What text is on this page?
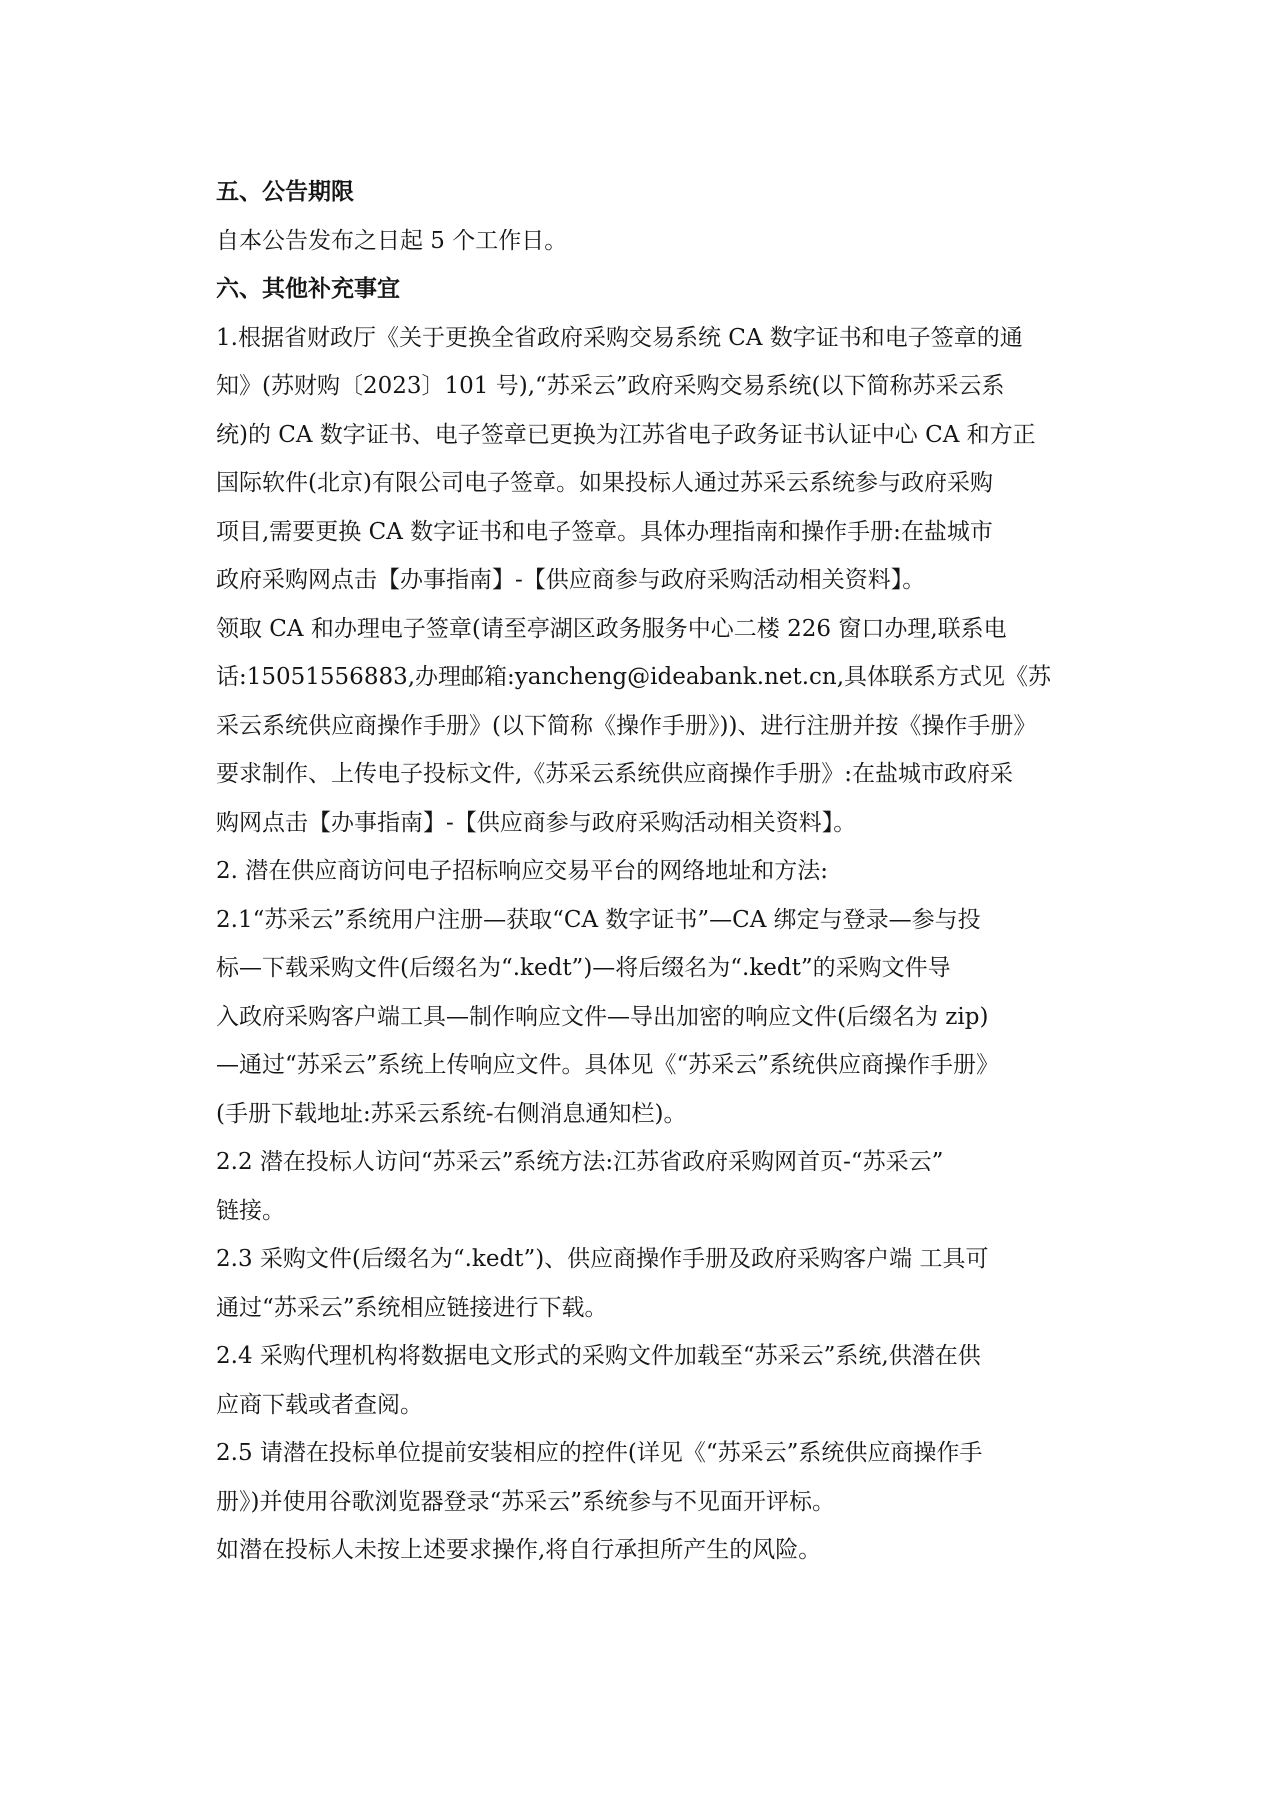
五、公告期限
自本公告发布之日起 5 个工作日。
六、其他补充事宜
1.根据省财政厅《关于更换全省政府采购交易系统 CA 数字证书和电子签章的通
知》(苏财购〔2023〕101 号),“苏采云”政府采购交易系统(以下简称苏采云系
统)的 CA 数字证书、电子签章已更换为江苏省电子政务证书认证中心 CA 和方正
国际软件(北京)有限公司电子签章。如果投标人通过苏采云系统参与政府采购
项目,需要更换 CA 数字证书和电子签章。具体办理指南和操作手册:在盐城市
政府采购网点击【办事指南】-【供应商参与政府采购活动相关资料】。
领取 CA 和办理电子签章(请至亭湖区政务服务中心二楼 226 窗口办理,联系电
话:15051556883,办理邮箱:yancheng@ideabank.net.cn,具体联系方式见《苏
采云系统供应商操作手册》(以下简称《操作手册》))、进行注册并按《操作手册》
要求制作、上传电子投标文件,《苏采云系统供应商操作手册》:在盐城市政府采
购网点击【办事指南】-【供应商参与政府采购活动相关资料】。
2. 潜在供应商访问电子招标响应交易平台的网络地址和方法:
2.1“苏采云”系统用户注册—获取“CA 数字证书”—CA 绑定与登录—参与投
标—下载采购文件(后缀名为“.kedt”)—将后缀名为“.kedt”的采购文件导
入政府采购客户端工具—制作响应文件—导出加密的响应文件(后缀名为 zip)
—通过“苏采云”系统上传响应文件。具体见《“苏采云”系统供应商操作手册》
(手册下载地址:苏采云系统-右侧消息通知栏)。
2.2 潜在投标人访问“苏采云”系统方法:江苏省政府采购网首页-“苏采云”
链接。
2.3 采购文件(后缀名为“.kedt”)、供应商操作手册及政府采购客户端 工具可
通过“苏采云”系统相应链接进行下载。
2.4 采购代理机构将数据电文形式的采购文件加载至“苏采云”系统,供潜在供
应商下载或者查阅。
2.5 请潜在投标单位提前安装相应的控件(详见《“苏采云”系统供应商操作手
册》)并使用谷歌浏览器登录“苏采云”系统参与不见面开评标。
如潜在投标人未按上述要求操作,将自行承担所产生的风险。
